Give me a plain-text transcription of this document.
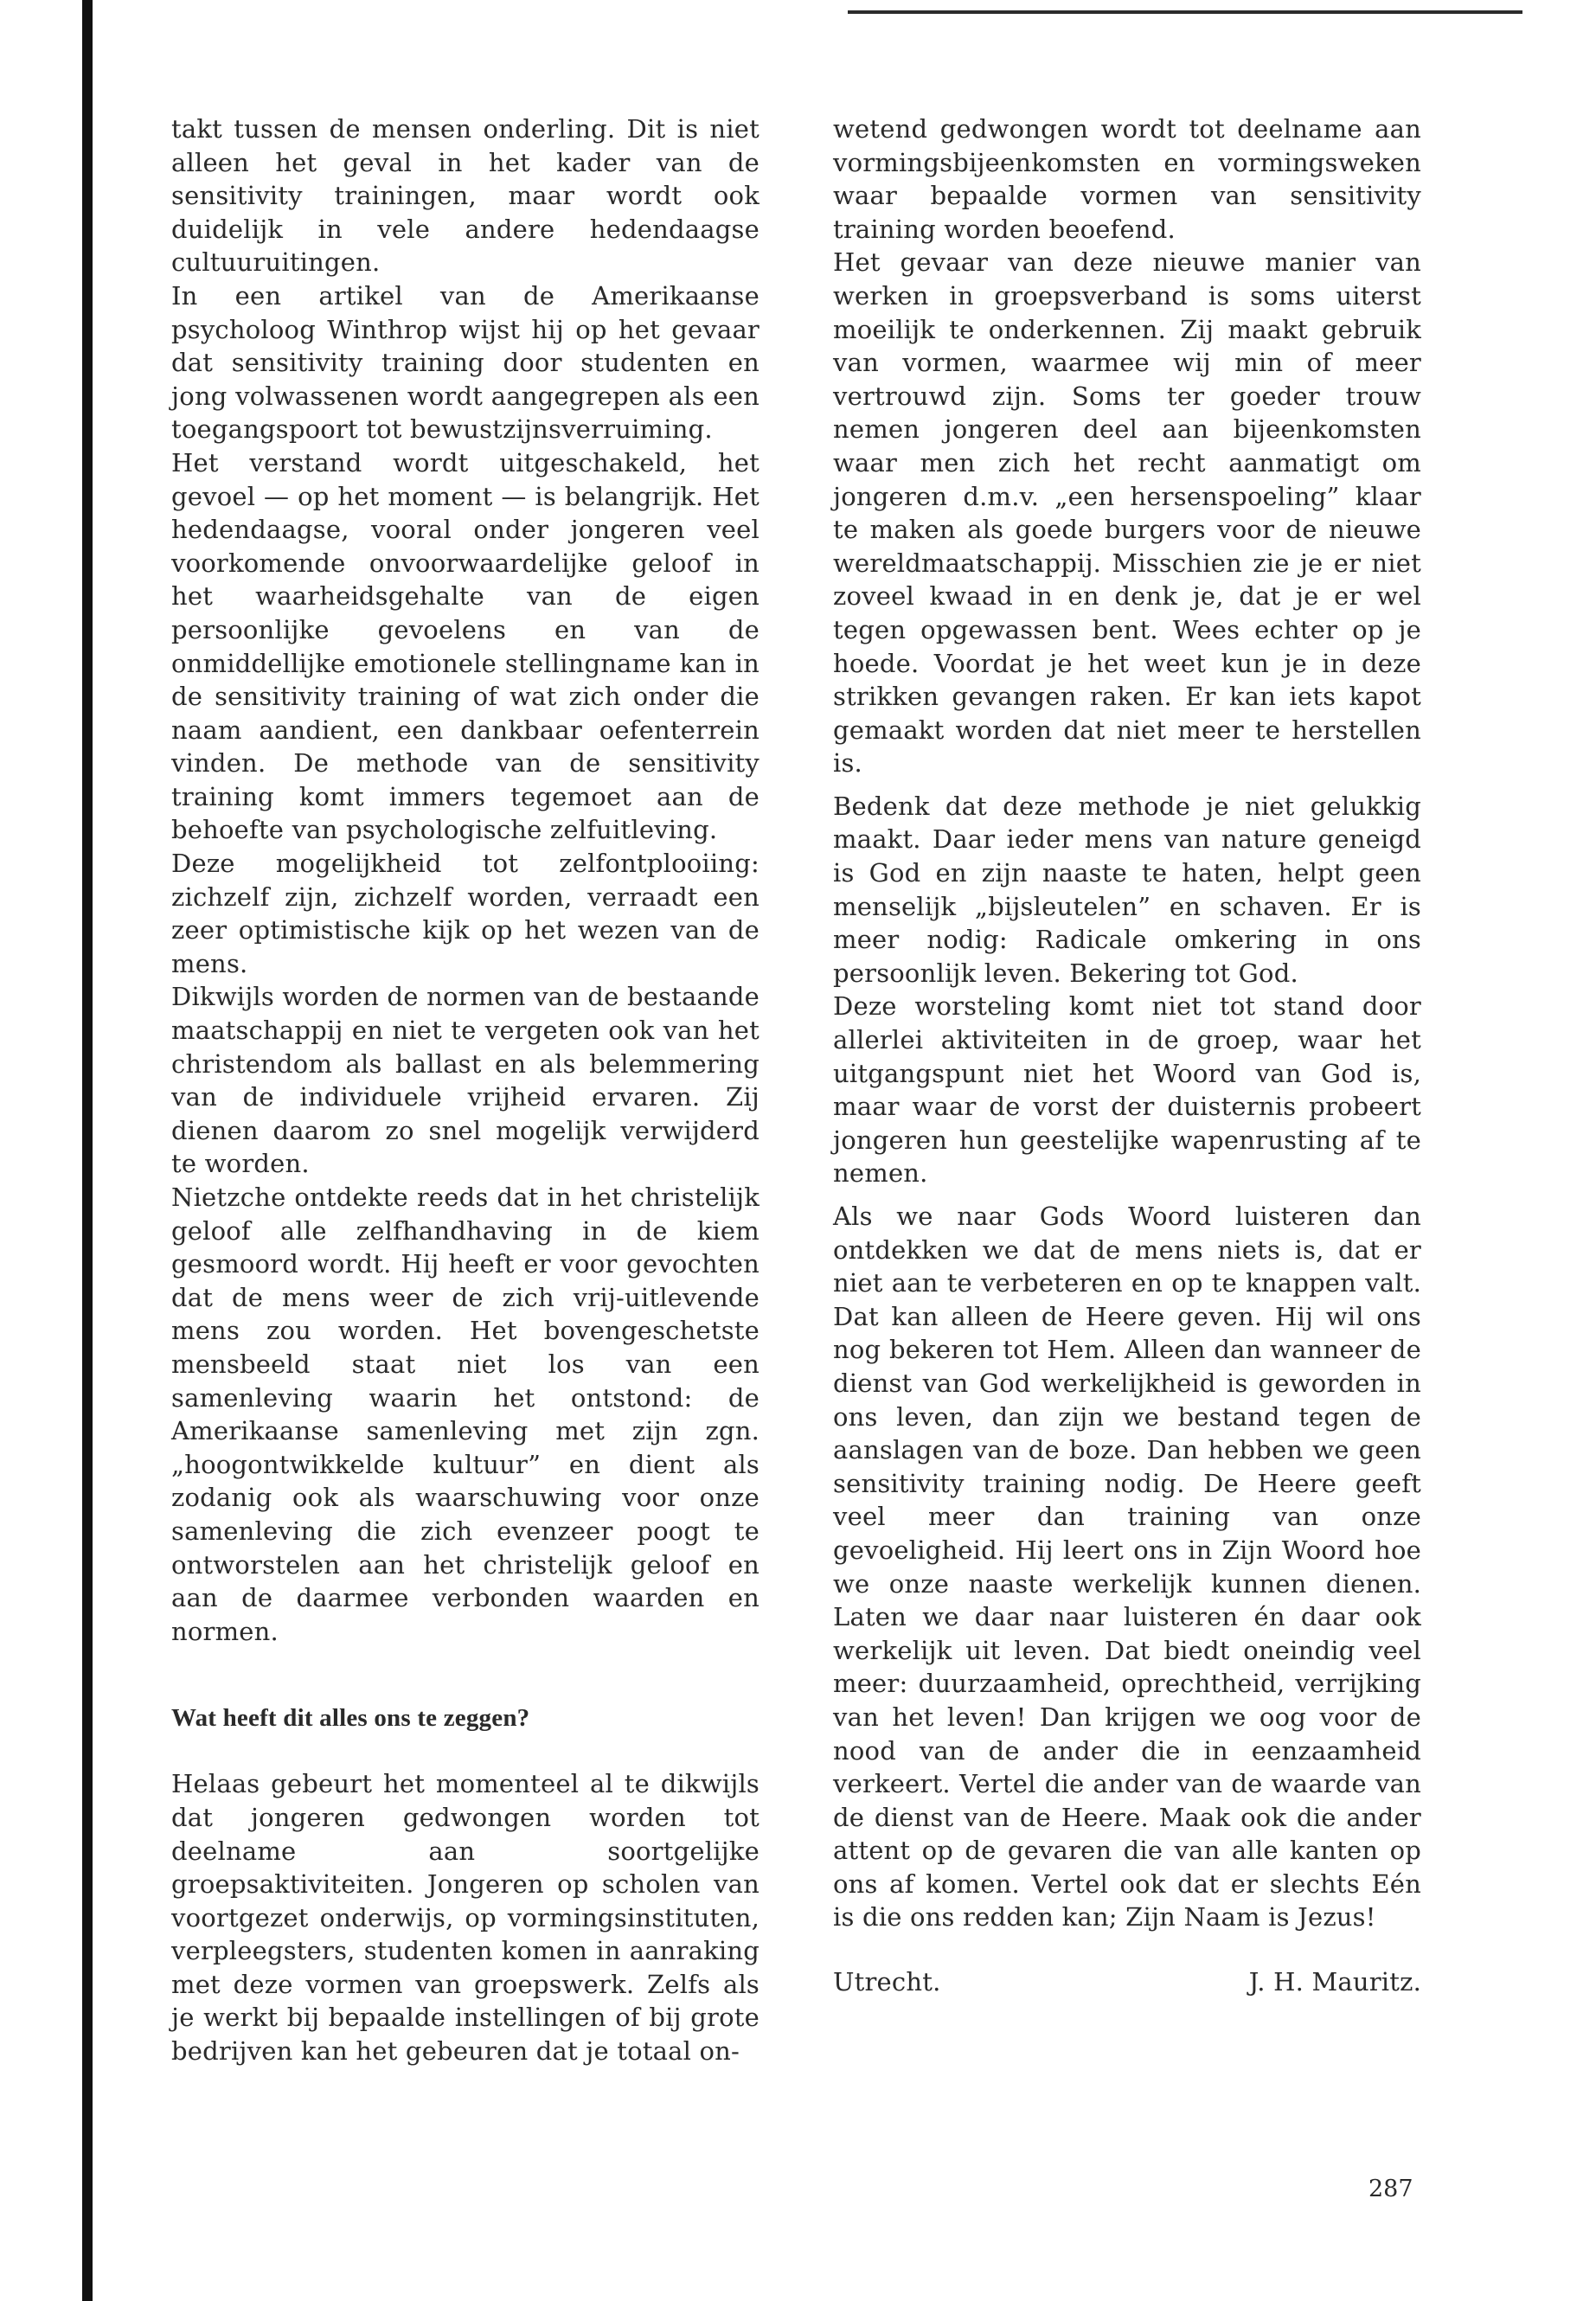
takt tussen de mensen onderling. Dit is niet alleen het geval in het kader van de sensitivity trainingen, maar wordt ook duidelijk in vele andere hedendaagse cultuuruitingen.

In een artikel van de Amerikaanse psycholoog Winthrop wijst hij op het gevaar dat sensitivity training door studenten en jong volwassenen wordt aangegrepen als een toegangspoort tot bewustzijnsverruiming.

Het verstand wordt uitgeschakeld, het gevoel — op het moment — is belangrijk. Het hedendaagse, vooral onder jongeren veel voorkomende onvoorwaardelijke geloof in het waarheidsgehalte van de eigen persoonlijke gevoelens en van de onmiddellijke emotionele stellingname kan in de sensitivity training of wat zich onder die naam aandient, een dankbaar oefenterrein vinden. De methode van de sensitivity training komt immers tegemoet aan de behoefte van psychologische zelfuitleving.

Deze mogelijkheid tot zelfontplooiing: zichzelf zijn, zichzelf worden, verraadt een zeer optimistische kijk op het wezen van de mens.

Dikwijls worden de normen van de bestaande maatschappij en niet te vergeten ook van het christendom als ballast en als belemmering van de individuele vrijheid ervaren. Zij dienen daarom zo snel mogelijk verwijderd te worden.

Nietzche ontdekte reeds dat in het christelijk geloof alle zelfhandhaving in de kiem gesmoord wordt. Hij heeft er voor gevochten dat de mens weer de zich vrij-uitlevende mens zou worden. Het bovengeschetste mensbeeld staat niet los van een samenleving waarin het ontstond: de Amerikaanse samenleving met zijn zgn. „hoogontwikkelde kultuur” en dient als zodanig ook als waarschuwing voor onze samenleving die zich evenzeer poogt te ontworstelen aan het christelijk geloof en aan de daarmee verbonden waarden en normen.

Wat heeft dit alles ons te zeggen?

Helaas gebeurt het momenteel al te dikwijls dat jongeren gedwongen worden tot deelname aan soortgelijke groepsaktiviteiten. Jongeren op scholen van voortgezet onderwijs, op vormingsinstituten, verpleegsters, studenten komen in aanraking met deze vormen van groepswerk. Zelfs als je werkt bij bepaalde instellingen of bij grote bedrijven kan het gebeuren dat je totaal on-

wetend gedwongen wordt tot deelname aan vormingsbijeenkomsten en vormingsweken waar bepaalde vormen van sensitivity training worden beoefend.

Het gevaar van deze nieuwe manier van werken in groepsverband is soms uiterst moeilijk te onderkennen. Zij maakt gebruik van vormen, waarmee wij min of meer vertrouwd zijn. Soms ter goeder trouw nemen jongeren deel aan bijeenkomsten waar men zich het recht aanmatigt om jongeren d.m.v. „een hersenspoeling” klaar te maken als goede burgers voor de nieuwe wereldmaatschappij. Misschien zie je er niet zoveel kwaad in en denk je, dat je er wel tegen opgewassen bent. Wees echter op je hoede. Voordat je het weet kun je in deze strikken gevangen raken. Er kan iets kapot gemaakt worden dat niet meer te herstellen is.

Bedenk dat deze methode je niet gelukkig maakt. Daar ieder mens van nature geneigd is God en zijn naaste te haten, helpt geen menselijk „bijsleutelen” en schaven. Er is meer nodig: Radicale omkering in ons persoonlijk leven. Bekering tot God.

Deze worsteling komt niet tot stand door allerlei aktiviteiten in de groep, waar het uitgangspunt niet het Woord van God is, maar waar de vorst der duisternis probeert jongeren hun geestelijke wapenrusting af te nemen.

Als we naar Gods Woord luisteren dan ontdekken we dat de mens niets is, dat er niet aan te verbeteren en op te knappen valt. Dat kan alleen de Heere geven. Hij wil ons nog bekeren tot Hem. Alleen dan wanneer de dienst van God werkelijkheid is geworden in ons leven, dan zijn we bestand tegen de aanslagen van de boze. Dan hebben we geen sensitivity training nodig. De Heere geeft veel meer dan training van onze gevoeligheid. Hij leert ons in Zijn Woord hoe we onze naaste werkelijk kunnen dienen. Laten we daar naar luisteren én daar ook werkelijk uit leven. Dat biedt oneindig veel meer: duurzaamheid, oprechtheid, verrijking van het leven! Dan krijgen we oog voor de nood van de ander die in eenzaamheid verkeert. Vertel die ander van de waarde van de dienst van de Heere. Maak ook die ander attent op de gevaren die van alle kanten op ons af komen. Vertel ook dat er slechts Eén is die ons redden kan; Zijn Naam is Jezus!

Utrecht.	J. H. Mauritz.
287
